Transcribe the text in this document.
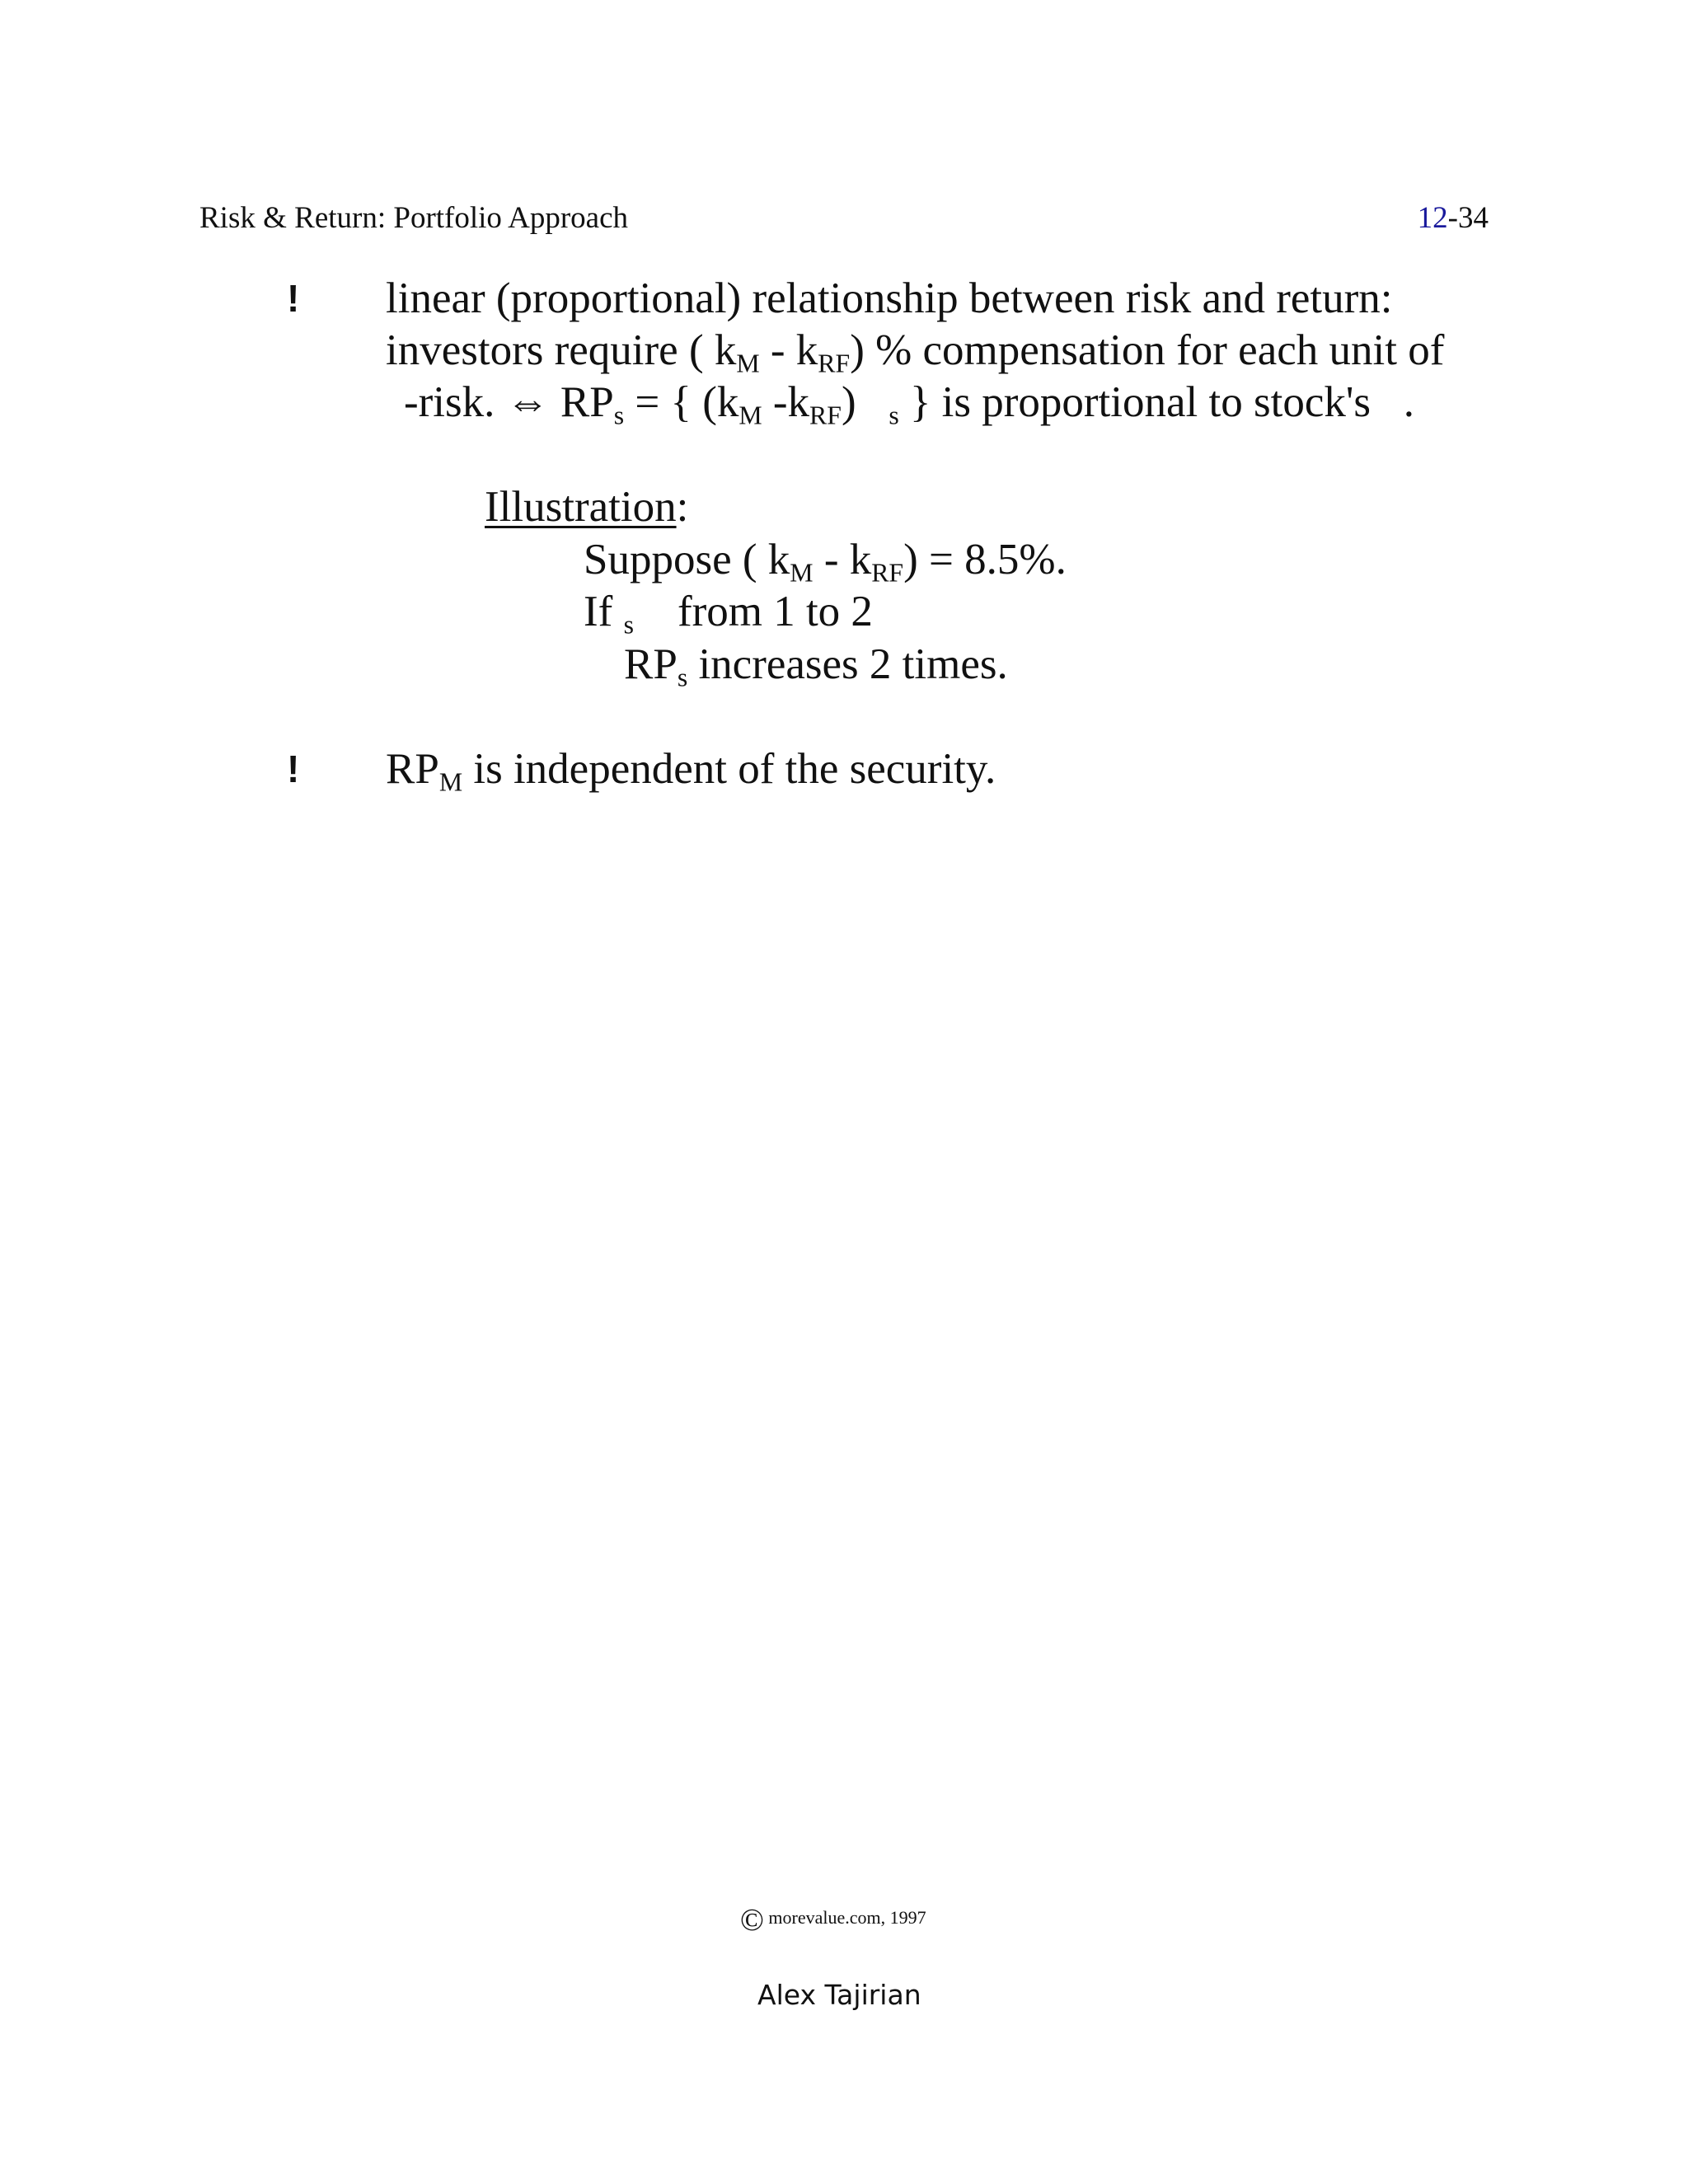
Risk & Return: Portfolio Approach	12-34
! linear (proportional) relationship between risk and return:
investors require ( $k_M - k_{RF}$) % compensation for each unit of
-risk. ⇔ $RP_s$ = { ($k_M$ $-k_{RF}$)   $_s$ } is proportional to stock's   .
Illustration:
Suppose ( $k_M - k_{RF}) = 8.5\%$.
If $_s$    from 1 to 2
$RP_s$ increases 2 times.
! $RP_M$ is independent of the security.
© morevalue.com, 1997
Alex Tajirian
